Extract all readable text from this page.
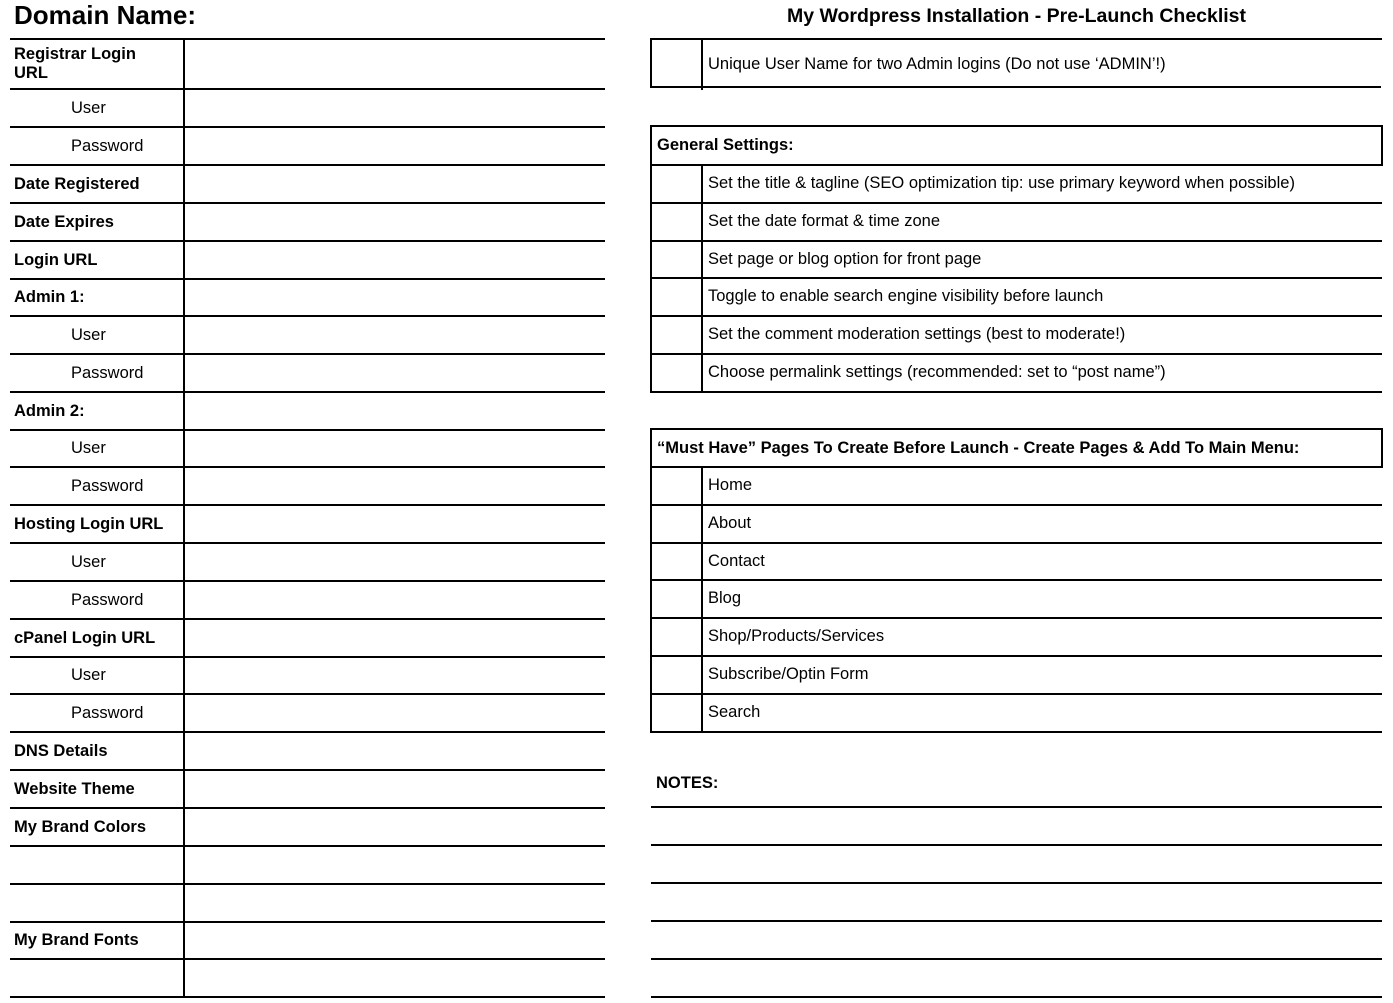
Domain Name:	My Wordpress Installation - Pre-Launch Checklist
Registrar Login URL
User
Password
Date Registered
Date Expires
Login URL
Admin 1:
User
Password
Admin 2:
User
Password
Hosting Login URL
User
Password
cPanel Login URL
User
Password
DNS Details
Website Theme
My Brand Colors
My Brand Fonts
Unique User Name for two Admin logins (Do not use ‘ADMIN’!)
General Settings:
Set the title & tagline (SEO optimization tip: use primary keyword when possible)
Set the date format & time zone
Set page or blog option for front page
Toggle to enable search engine visibility before launch
Set the comment moderation settings (best to moderate!)
Choose permalink settings (recommended: set to “post name”)
“Must Have” Pages To Create Before Launch - Create Pages & Add To Main Menu:
Home
About
Contact
Blog
Shop/Products/Services
Subscribe/Optin Form
Search
NOTES:
